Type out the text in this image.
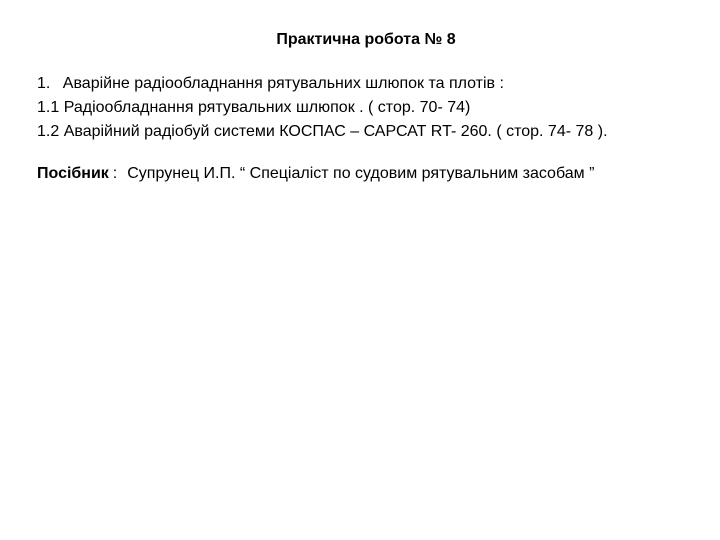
Практична робота № 8
1. Аварійне радіообладнання рятувальних шлюпок та плотів :
1.1 Радіообладнання рятувальних шлюпок . ( стор. 70- 74)
1.2 Аварійний радіобуй системи КОСПАС – САРСАТ RT- 260. ( стор. 74- 78 ).
Посібник : Супрунец И.П. “ Спеціаліст по судовим рятувальним засобам ”
